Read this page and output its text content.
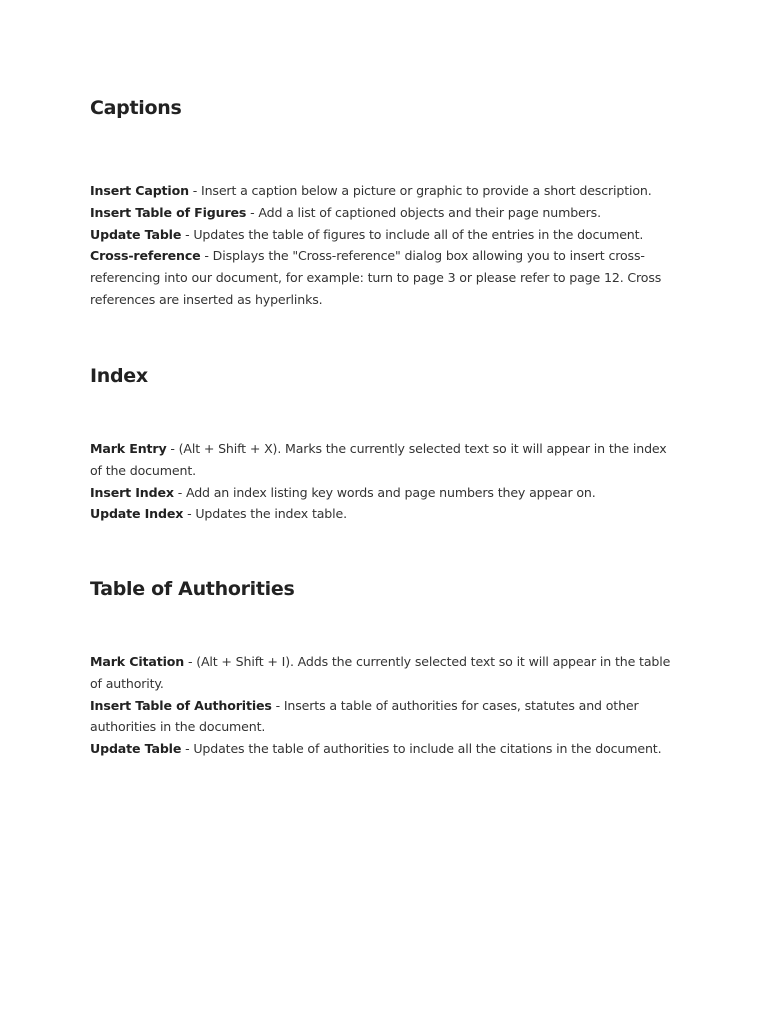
Captions
Insert Caption - Insert a caption below a picture or graphic to provide a short description.
Insert Table of Figures - Add a list of captioned objects and their page numbers.
Update Table - Updates the table of figures to include all of the entries in the document.
Cross-reference - Displays the "Cross-reference" dialog box allowing you to insert cross-referencing into our document, for example: turn to page 3 or please refer to page 12. Cross references are inserted as hyperlinks.
Index
Mark Entry - (Alt + Shift + X). Marks the currently selected text so it will appear in the index of the document.
Insert Index - Add an index listing key words and page numbers they appear on.
Update Index - Updates the index table.
Table of Authorities
Mark Citation - (Alt + Shift + I). Adds the currently selected text so it will appear in the table of authority.
Insert Table of Authorities - Inserts a table of authorities for cases, statutes and other authorities in the document.
Update Table - Updates the table of authorities to include all the citations in the document.
